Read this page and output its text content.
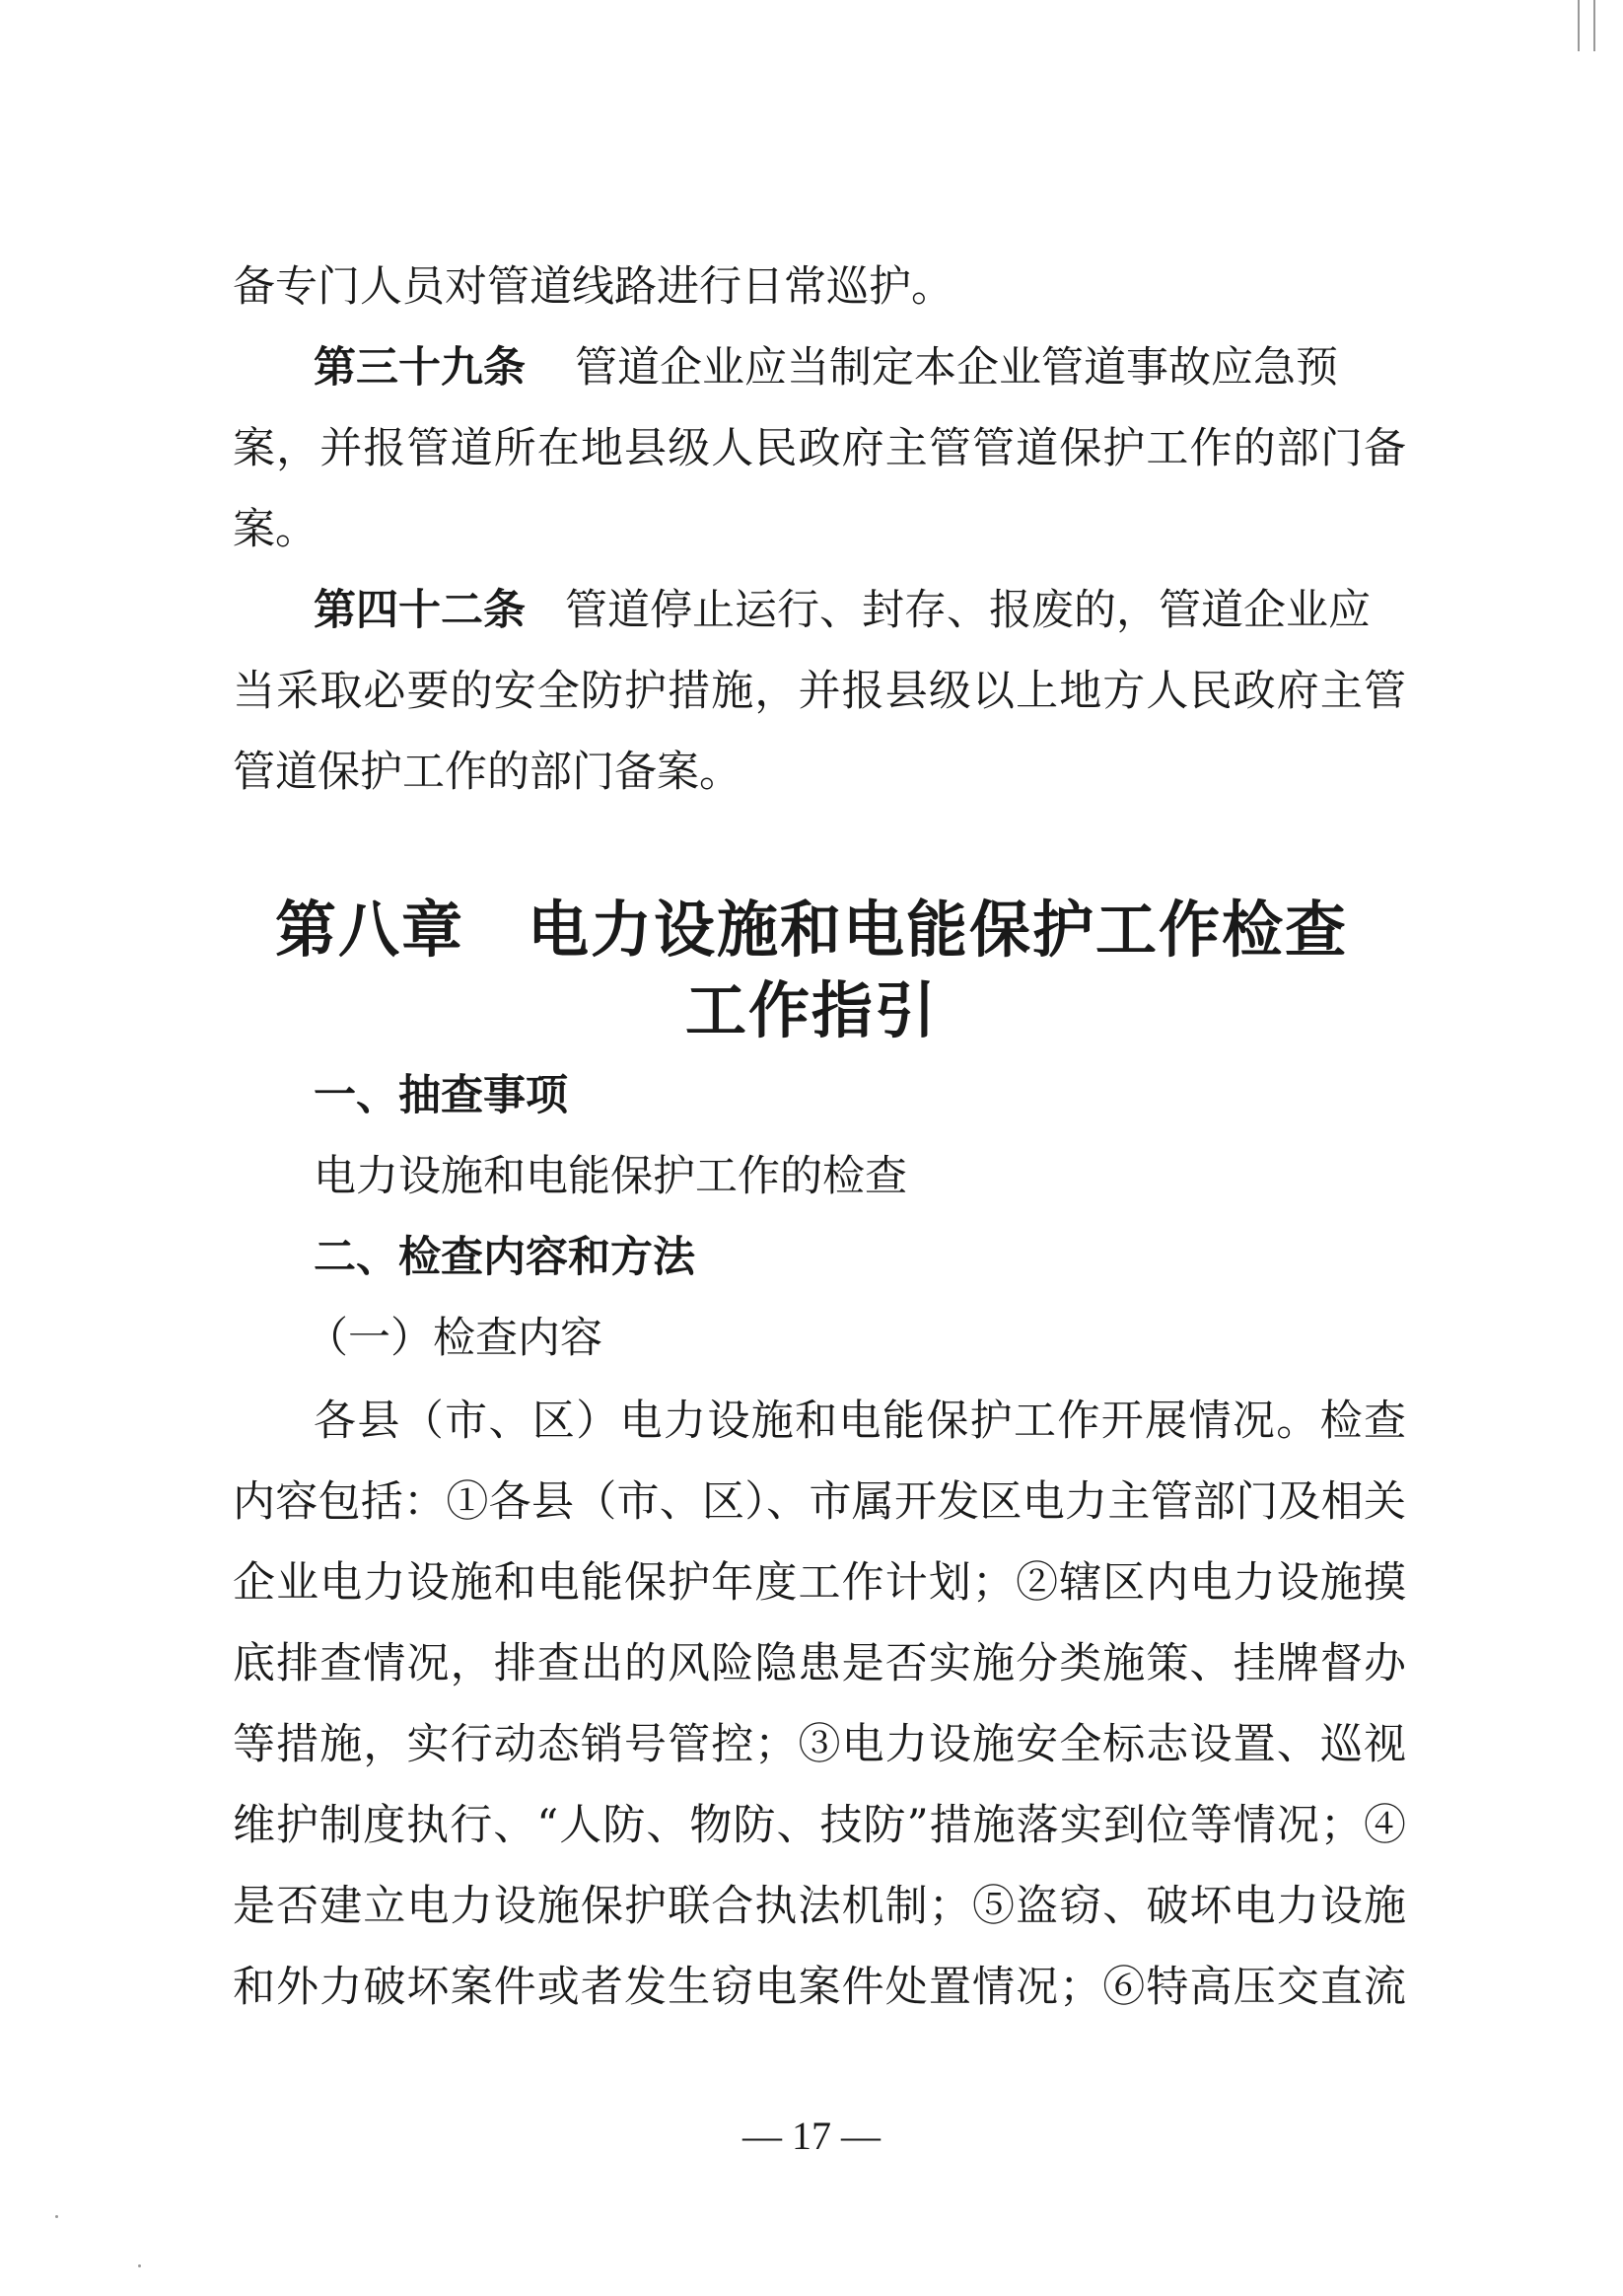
备专门人员对管道线路进行日常巡护。
第三十九条 管道企业应当制定本企业管道事故应急预
案，并报管道所在地县级人民政府主管管道保护工作的部门备
案。
第四十二条 管道停止运行、封存、报废的，管道企业应
当采取必要的安全防护措施，并报县级以上地方人民政府主管
管道保护工作的部门备案。
第八章　电力设施和电能保护工作检查
工作指引
一、抽查事项
电力设施和电能保护工作的检查
二、检查内容和方法
（一）检查内容
各县（市、区）电力设施和电能保护工作开展情况。检查
内容包括：①各县（市、区）、市属开发区电力主管部门及相关
企业电力设施和电能保护年度工作计划；②辖区内电力设施摸
底排查情况，排查出的风险隐患是否实施分类施策、挂牌督办
等措施，实行动态销号管控；③电力设施安全标志设置、巡视
维护制度执行、“人防、物防、技防”措施落实到位等情况；④
是否建立电力设施保护联合执法机制；⑤盗窃、破坏电力设施
和外力破坏案件或者发生窃电案件处置情况；⑥特高压交直流
— 17 —
